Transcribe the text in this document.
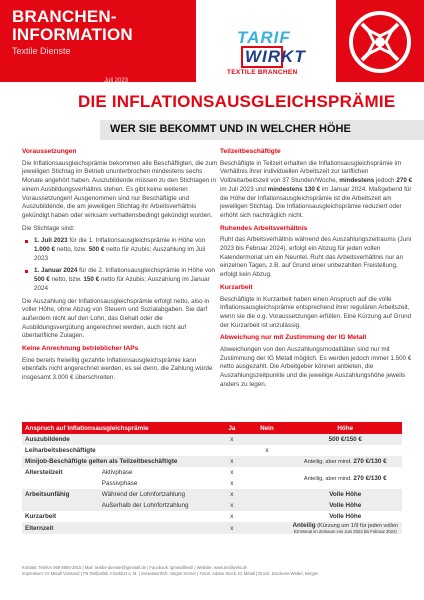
BRANCHEN-
INFORMATION
Textile Dienste
Juli 2023
TARIF
WIRKT
TEXTILE BRANCHEN
DIE INFLATIONSAUSGLEICHSPRÄMIE
WER SIE BEKOMMT UND IN WELCHER HÖHE
Voraussetzungen
Die Inflationsausgleichsprämie bekommen alle Beschäftigten, die zum jeweiligen Stichtag im Betrieb ununterbrochen mindestens sechs Monate angehört haben. Auszubildende müssen zu den Stichtagen in einem Ausbildungsverhältnis stehen. Es gibt keine weiteren Voraussetzungen! Ausgenommen sind nur Beschäftigte und Auszubildende, die am jeweiligen Stichtag ihr Arbeitsverhältnis gekündigt haben oder wirksam verhaltensbedingt gekündigt wurden.
Die Stichtage sind:
1. Juli 2023 für die 1. Inflationsausgleichsprämie in Höhe von 1.000 € netto, bzw. 500 € netto für Azubis; Auszahlung im Juli 2023
1. Januar 2024 für die 2. Inflationsausgleichsprämie in Höhe von 500 € netto, bzw. 150 € netto für Azubis; Auszahlung im Januar 2024
Die Auszahlung der Inflationsausgleichsprämie erfolgt netto, also in voller Höhe, ohne Abzug von Steuern und Sozialabgaben. Sie darf außerdem nicht auf den Lohn, das Gehalt oder die Ausbildungsvergütung angerechnet werden, auch nicht auf übertarifliche Zulagen.
Keine Anrechnung betrieblicher IAPs
Eine bereits freiwillig gezahlte Inflationsausgleichsprämie kann ebenfalls nicht angerechnet werden, es sei denn, die Zahlung würde insgesamt 3.000 € überschreiten.
Teilzeitbeschäftigte
Beschäftigte in Teilzeit erhalten die Inflationsausgleichsprämie im Verhältnis ihrer individuellen Arbeitszeit zur tariflichen Vollzeitarbeitszeit von 37 Stunden/Woche, mindestens jedoch 270 € im Juli 2023 und mindestens 130 € im Januar 2024. Maßgebend für die Höhe der Inflationsausgleichsprämie ist die Arbeitszeit am jeweiligen Stichtag. Die Inflationsausgleichsprämie reduziert oder erhöht sich nachträglich nicht.
Ruhendes Arbeitsverhältnis
Ruht das Arbeitsverhältnis während des Auszahlungszeitraums (Juni 2023 bis Februar 2024), erfolgt ein Abzug für jeden vollen Kalendermonat um ein Neuntel. Ruht das Arbeitsverhältnis nur an einzelnen Tagen, z.B. auf Grund einer unbezahlten Freistellung, erfolgt kein Abzug.
Kurzarbeit
Beschäftigte in Kurzarbeit haben einen Anspruch auf die volle Inflationsausgleichsprämie entsprechend ihrer regulären Arbeitszeit, wenn sie die o.g. Voraussetzungen erfüllen. Eine Kürzung auf Grund der Kurzarbeit ist unzulässig.
Abweichung nur mit Zustimmung der IG Metall
Abweichungen von den Auszahlungsmodalitäten sind nur mit Zustimmung der IG Metall möglich. Es werden jedoch immer 1.500 € netto ausgezahlt. Die Arbeitgeber können anbieten, die Auszahlungszeitpunkte und die jeweilige Auszahlungshöhe jeweils anders zu legen.
Anspruch auf Inflationsausgleichsprämie		Ja	Nein	Höhe
Auszubildende		x		500 €/150 €
Leiharbeitsbeschäftigte			x	
Minijob-Beschäftigte gelten als Teilzeitbeschäftigte		x		Anteilig, aber mind. 270 €/130 €
Altersteilzeit	Aktivphase	x		Anteilig, aber mind. 270 €/130 €
	Passivphase	x		
Arbeitsunfähig	Während der Lohnfortzahlung	x		Volle Höhe
	Außerhalb der Lohnfortzahlung	x		Volle Höhe
Kurzarbeit		x		Volle Höhe
Elternzeit		x		Anteilig (Kürzung um 1/9 für jeden vollen
EZ-Monat im Zeitraum von Juni 2023 bis Februar 2024)
Kontakt: Telefon 069 6693-2915 | Mail: textilie-dienste@igmetall.de | Facebook: igmetalltextil | Website: www.textilwirkt.de
Impressum: IG Metall Vorstand | FB Tarifpolitik, Frankfurt a. M. | Verantwortlich: Jürgen Kerner | Fotos: Adobe Stock, IG Metall | Druck: Druckerei Weber, Bergen
